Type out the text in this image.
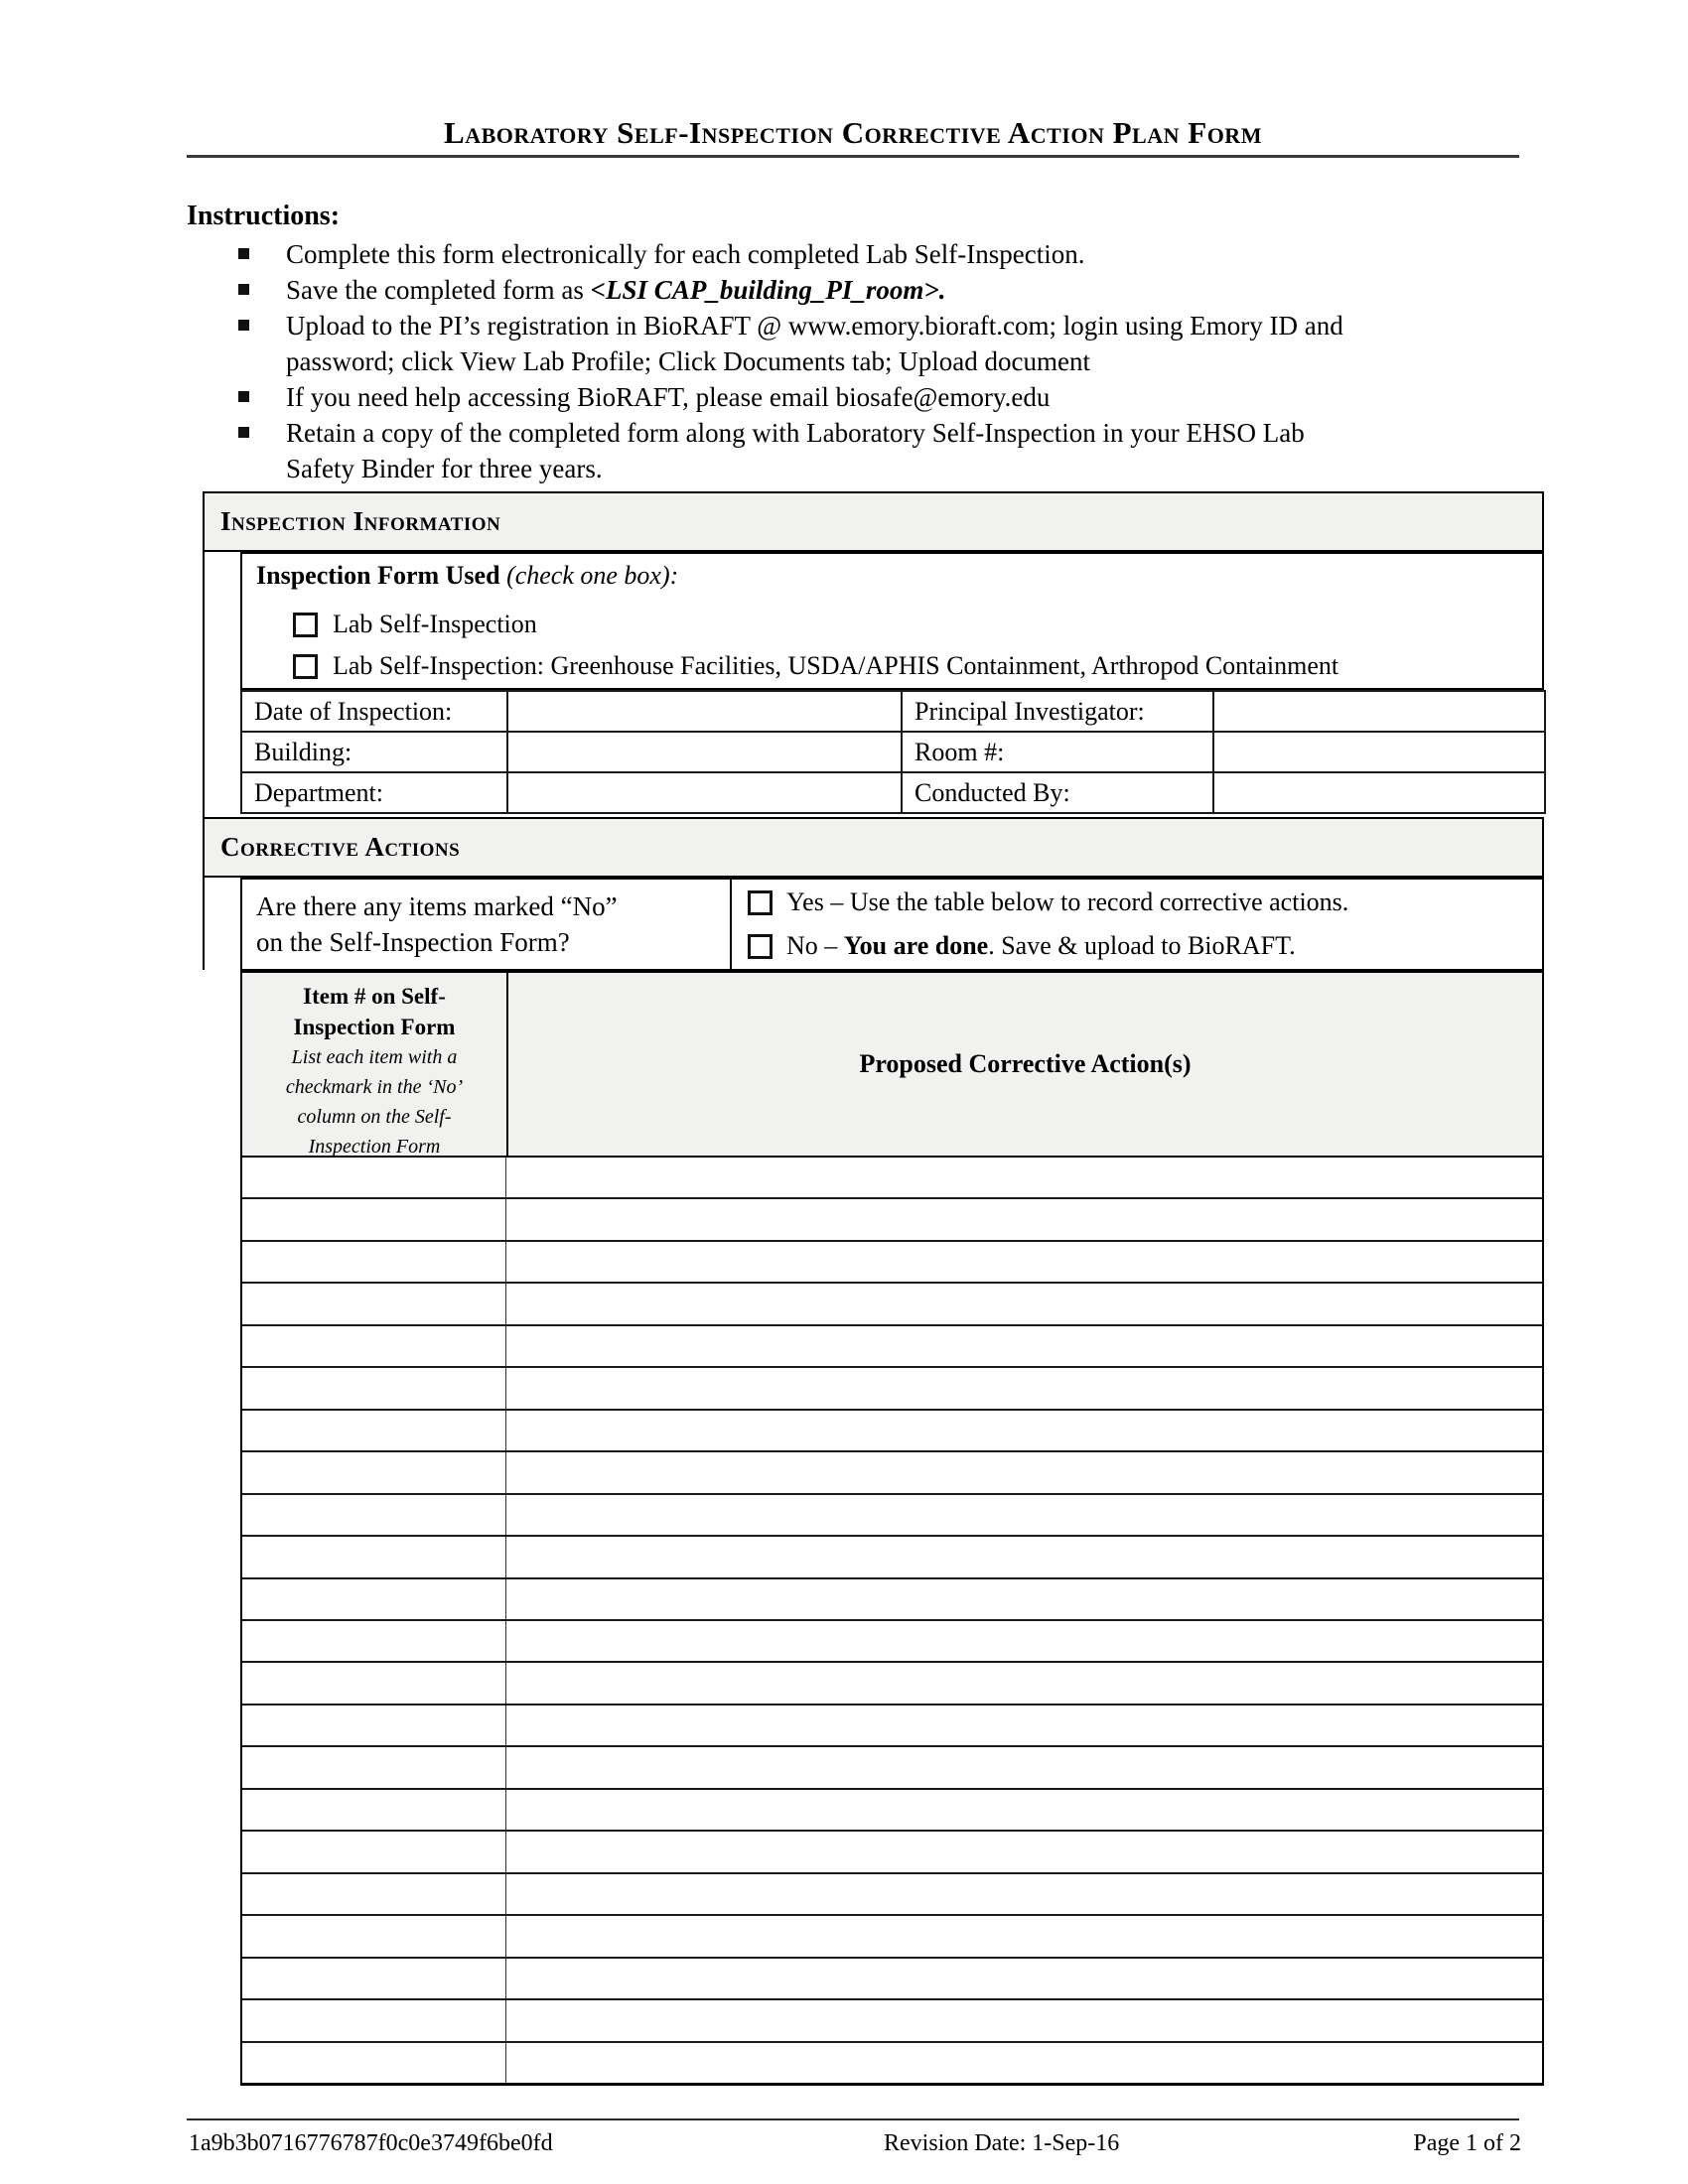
Laboratory Self-Inspection Corrective Action Plan Form
Instructions:
Complete this form electronically for each completed Lab Self-Inspection.
Save the completed form as <LSI CAP_building_PI_room>.
Upload to the PI’s registration in BioRAFT @ www.emory.bioraft.com; login using Emory ID and
password; click View Lab Profile; Click Documents tab; Upload document
If you need help accessing BioRAFT, please email biosafe@emory.edu
Retain a copy of the completed form along with Laboratory Self-Inspection in your EHSO Lab
Safety Binder for three years.
Inspection Information
Inspection Form Used (check one box):
Lab Self-Inspection
Lab Self-Inspection: Greenhouse Facilities, USDA/APHIS Containment, Arthropod Containment
Date of Inspection:		Principal Investigator:	
Building:		Room #:	
Department:		Conducted By:	
Corrective Actions
Are there any items marked “No”
on the Self-Inspection Form?
Yes – Use the table below to record corrective actions.
No – You are done. Save & upload to BioRAFT.
Item # on Self-
Inspection Form
List each item with a
checkmark in the ‘No’
column on the Self-
Inspection Form
Proposed Corrective Action(s)
1a9b3b0716776787f0c0e3749f6be0fd	Revision Date: 1-Sep-16	Page 1 of 2
